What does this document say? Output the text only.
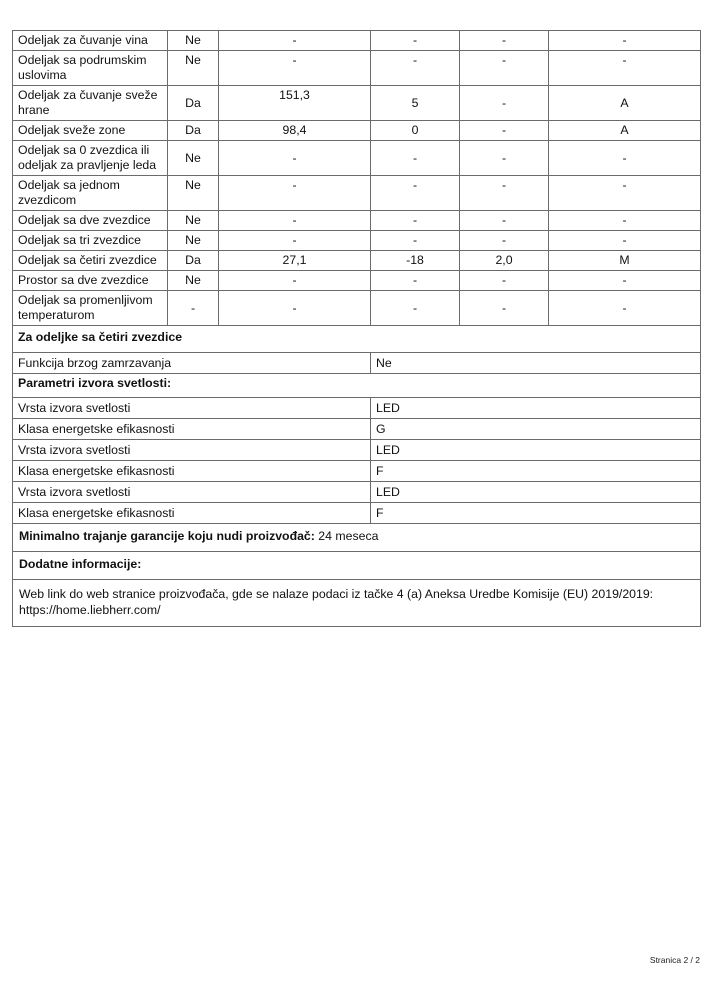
Odeljak za čuvanje vina	Ne	-	-	-	-
Odeljak sa podrumskim uslovima	Ne	-	-	-	-
Odeljak za čuvanje sveže hrane	Da	151,3	5	-	A
Odeljak sveže zone	Da	98,4	0	-	A
Odeljak sa 0 zvezdica ili odeljak za pravljenje leda	Ne	-	-	-	-
Odeljak sa jednom zvezdicom	Ne	-	-	-	-
Odeljak sa dve zvezdice	Ne	-	-	-	-
Odeljak sa tri zvezdice	Ne	-	-	-	-
Odeljak sa četiri zvezdice	Da	27,1	-18	2,0	M
Prostor sa dve zvezdice	Ne	-	-	-	-
Odeljak sa promenljivom temperaturom	-	-	-	-	-
Za odeljke sa četiri zvezdice					
Funkcija brzog zamrzavanja			Ne		
Parametri izvora svetlosti:					
Vrsta izvora svetlosti			LED		
Klasa energetske efikasnosti			G		
Vrsta izvora svetlosti			LED		
Klasa energetske efikasnosti			F		
Vrsta izvora svetlosti			LED		
Klasa energetske efikasnosti			F		
Minimalno trajanje garancije koju nudi proizvođač: 24 meseca					
Dodatne informacije:					
Web link do web stranice proizvođača, gde se nalaze podaci iz tačke 4 (a) Aneksa Uredbe Komisije (EU) 2019/2019: https://home.liebherr.com/					
Stranica 2 / 2
